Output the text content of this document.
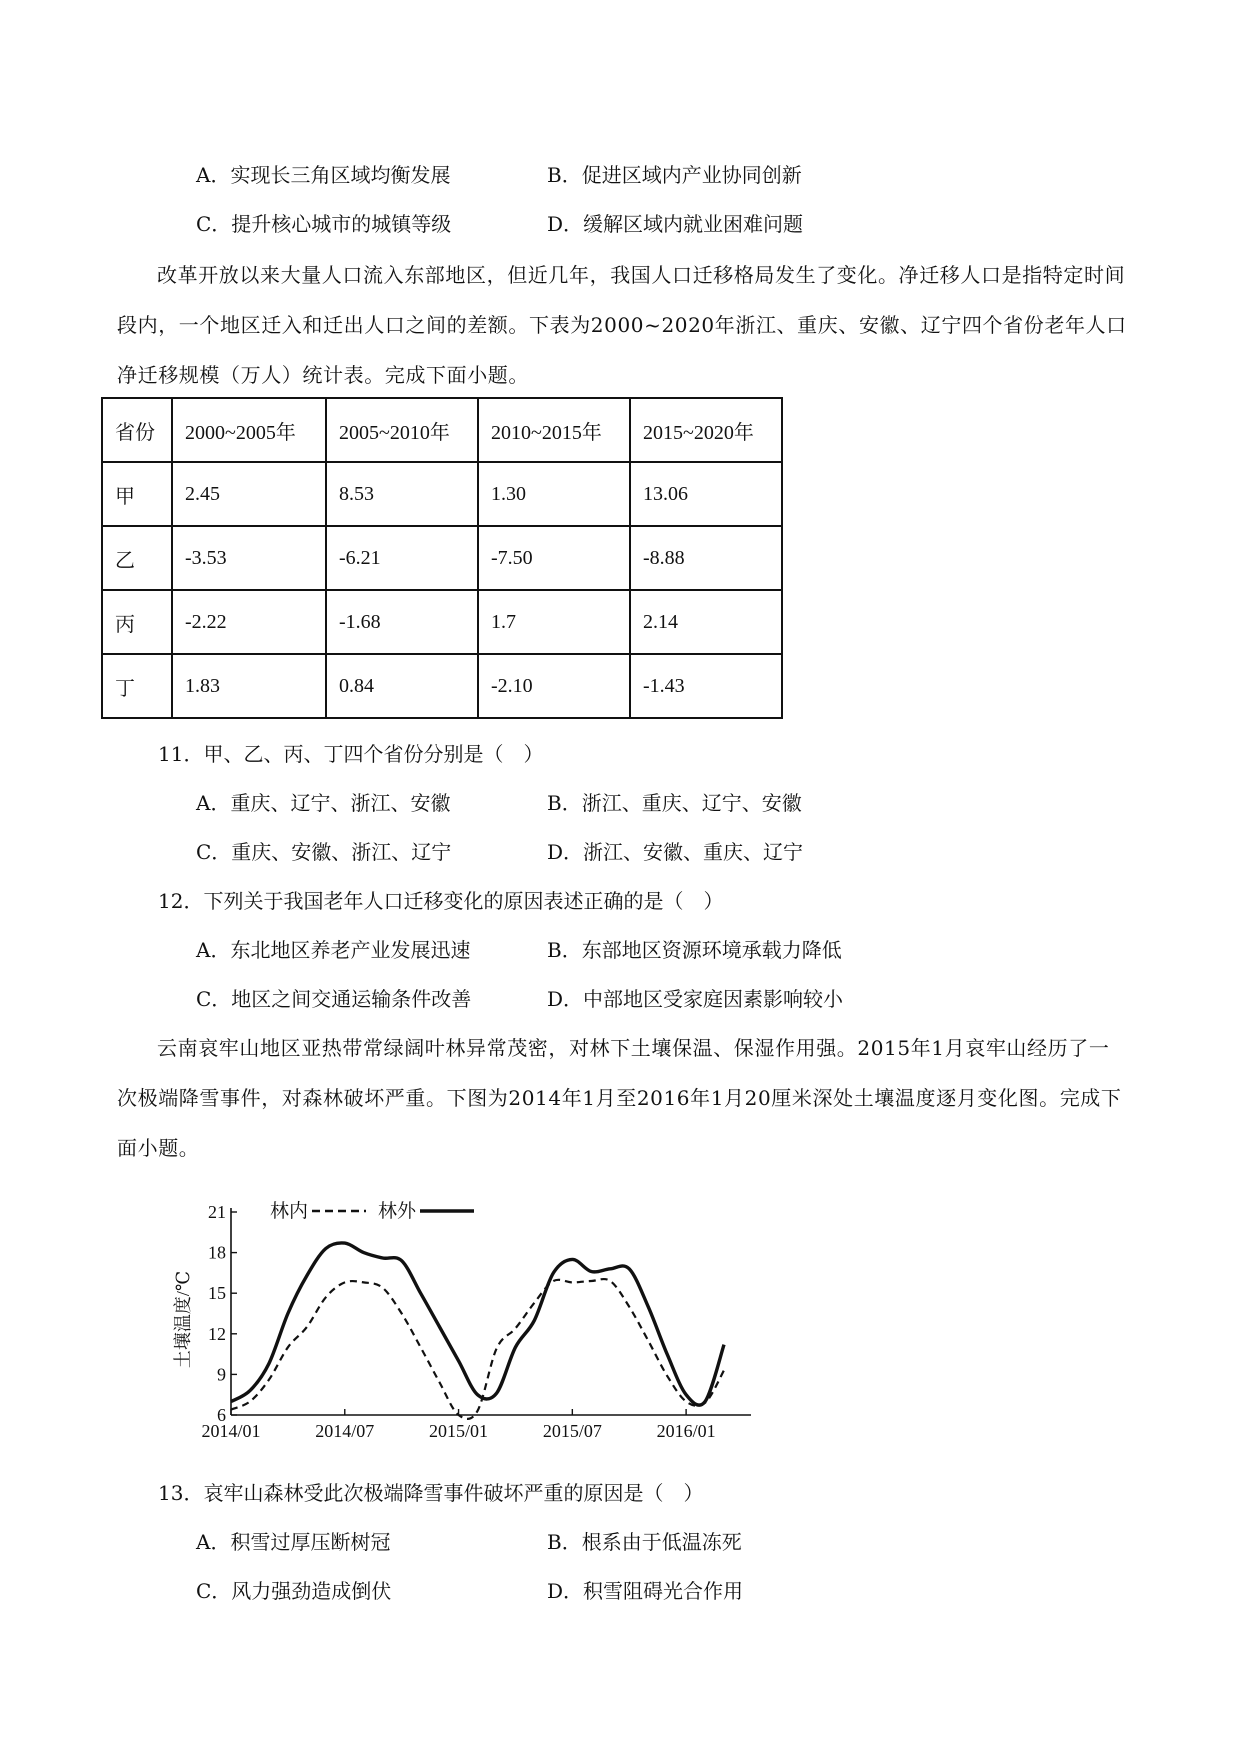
A．实现长三角区域均衡发展	B．促进区域内产业协同创新
C．提升核心城市的城镇等级	D．缓解区域内就业困难问题

改革开放以来大量人口流入东部地区，但近几年，我国人口迁移格局发生了变化。净迁移人口是指特定时间段内，一个地区迁入和迁出人口之间的差额。下表为2000~2020年浙江、重庆、安徽、辽宁四个省份老年人口净迁移规模（万人）统计表。完成下面小题。

省份	2000~2005年	2005~2010年	2010~2015年	2015~2020年
甲	2.45	8.53	1.30	13.06
乙	-3.53	-6.21	-7.50	-8.88
丙	-2.22	-1.68	1.7	2.14
丁	1.83	0.84	-2.10	-1.43
11．甲、乙、丙、丁四个省份分别是（　）
A．重庆、辽宁、浙江、安徽	B．浙江、重庆、辽宁、安徽
C．重庆、安徽、浙江、辽宁	D．浙江、安徽、重庆、辽宁
12．下列关于我国老年人口迁移变化的原因表述正确的是（　）
A．东北地区养老产业发展迅速	B．东部地区资源环境承载力降低
C．地区之间交通运输条件改善	D．中部地区受家庭因素影响较小

云南哀牢山地区亚热带常绿阔叶林异常茂密，对林下土壤保温、保湿作用强。2015年1月哀牢山经历了一次极端降雪事件，对森林破坏严重。下图为2014年1月至2016年1月20厘米深处土壤温度逐月变化图。完成下面小题。

6
9
12
15
18
21
2014/01	2014/07	2015/01	2015/07	2016/01
土壤温度/℃
林内	林外
13．哀牢山森林受此次极端降雪事件破坏严重的原因是（　）
A．积雪过厚压断树冠	B．根系由于低温冻死
C．风力强劲造成倒伏	D．积雪阻碍光合作用
